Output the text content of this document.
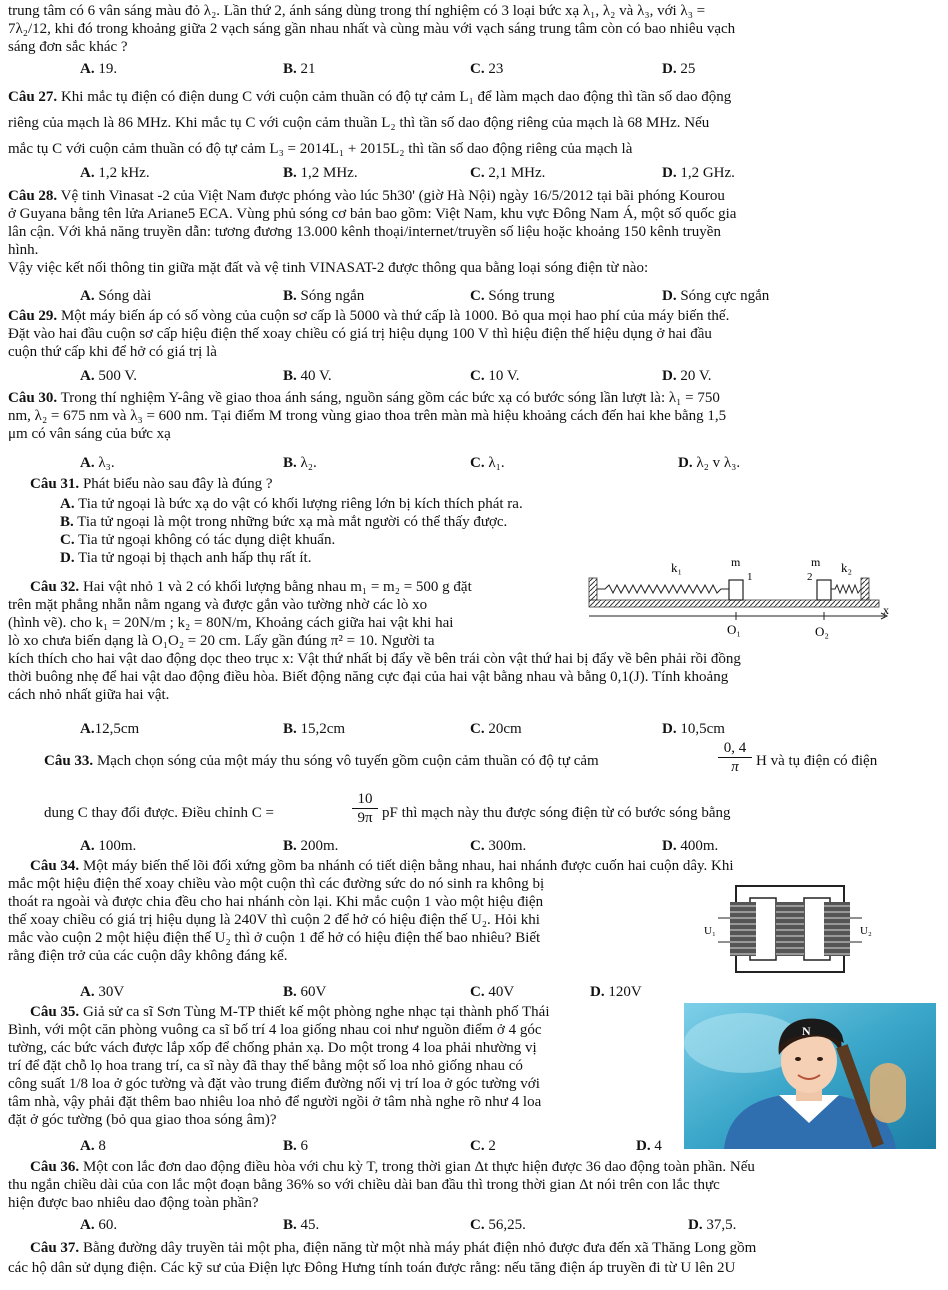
trung tâm có 6 vân sáng màu đỏ λ₂. Lần thứ 2, ánh sáng dùng trong thí nghiệm có 3 loại bức xạ λ₁, λ₂ và λ₃, với λ₃ =

7λ₂/12, khi đó trong khoảng giữa 2 vạch sáng gần nhau nhất và cùng màu với vạch sáng trung tâm còn có bao nhiêu vạch

sáng đơn sắc khác ?

A. 19.	B. 21	C. 23	D. 25

Câu 27. Khi mắc tụ điện có điện dung C với cuộn cảm thuần có độ tự cảm L₁ để làm mạch dao động thì tần số dao động

riêng của mạch là 86 MHz. Khi mắc tụ C với cuộn cảm thuần L₂ thì tần số dao động riêng của mạch là 68 MHz. Nếu

mắc tụ C với cuộn cảm thuần có độ tự cảm L₃ = 2014L₁ + 2015L₂ thì tần số dao động riêng của mạch là

A. 1,2 kHz.	B. 1,2 MHz.	C. 2,1 MHz.	D. 1,2 GHz.

Câu 28. Vệ tinh Vinasat -2 của Việt Nam được phóng vào lúc 5h30' (giờ Hà Nội) ngày 16/5/2012 tại bãi phóng Kourou

ở Guyana bằng tên lửa Ariane5 ECA. Vùng phủ sóng cơ bản bao gồm: Việt Nam, khu vực Đông Nam Á, một số quốc gia

lân cận. Với khả năng truyền dẫn: tương đương 13.000 kênh thoại/internet/truyền số liệu hoặc khoảng 150 kênh truyền

hình.

Vậy việc kết nối thông tin giữa mặt đất và vệ tinh VINASAT-2 được thông qua bằng loại sóng điện từ nào:

A. Sóng dài	B. Sóng ngắn	C. Sóng trung	D. Sóng cực ngắn

Câu 29. Một máy biến áp có số vòng của cuộn sơ cấp là 5000 và thứ cấp là 1000. Bỏ qua mọi hao phí của máy biến thế.

Đặt vào hai đầu cuộn sơ cấp hiệu điện thế xoay chiều có giá trị hiệu dụng 100 V thì hiệu điện thế hiệu dụng ở hai đầu

cuộn thứ cấp khi để hở có giá trị là

A. 500 V.	B. 40 V.	C. 10 V.	D. 20 V.

Câu 30. Trong thí nghiệm Y-âng về giao thoa ánh sáng, nguồn sáng gồm các bức xạ có bước sóng lần lượt là: λ₁ = 750

nm, λ₂ = 675 nm và λ₃ = 600 nm. Tại điểm M trong vùng giao thoa trên màn mà hiệu khoảng cách đến hai khe bằng 1,5

μm có vân sáng của bức xạ

A. λ₃.	B. λ₂.	C. λ₁.	D. λ₂ v λ₃.

Câu 31. Phát biểu nào sau đây là đúng ?

A. Tia tử ngoại là bức xạ do vật có khối lượng riêng lớn bị kích thích phát ra.

B. Tia tử ngoại là một trong những bức xạ mà mắt người có thể thấy được.

C. Tia tử ngoại không có tác dụng diệt khuẩn.

D. Tia tử ngoại bị thạch anh hấp thụ rất ít.

Câu 32. Hai vật nhỏ 1 và 2 có khối lượng bằng nhau m₁ = m₂ = 500 g đặt

trên mặt phẳng nhẵn nằm ngang và được gắn vào tường nhờ các lò xo

(hình vẽ). cho k₁ = 20N/m ; k₂ = 80N/m, Khoảng cách giữa hai vật khi hai

lò xo chưa biến dạng là O₁O₂ = 20 cm. Lấy gần đúng π² = 10. Người ta

kích thích cho hai vật dao động dọc theo trục x: Vật thứ nhất bị đẩy về bên trái còn vật thứ hai bị đẩy về bên phải rồi đồng

thời buông nhẹ để hai vật dao động điều hòa. Biết động năng cực đại của hai vật bằng nhau và bằng 0,1(J). Tính khoảng

cách nhỏ nhất giữa hai vật.

k₁	m
1
m
2
k₂
O₁	O₂
x
A.12,5cm	B. 15,2cm	C. 20cm	D. 10,5cm
Câu 33. Mạch chọn sóng của một máy thu sóng vô tuyến gồm cuộn cảm thuần có độ tự cảm	$\frac{0, 4}{\pi}$ H và tụ điện có điện
dung C thay đổi được. Điều chỉnh C =	$\frac{10}{9\pi}$ pF thì mạch này thu được sóng điện từ có bước sóng bằng
A. 100m.	B. 200m.	C. 300m.	D. 400m.

Câu 34. Một máy biến thế lõi đối xứng gồm ba nhánh có tiết diện bằng nhau, hai nhánh được cuốn hai cuộn dây. Khi

mắc một hiệu điện thế xoay chiều vào một cuộn thì các đường sức do nó sinh ra không bị

thoát ra ngoài và được chia đều cho hai nhánh còn lại. Khi mắc cuộn 1 vào một hiệu điện

thế xoay chiều có giá trị hiệu dụng là 240V thì cuộn 2 để hở có hiệu điện thế U₂. Hỏi khi

mắc vào cuộn 2 một hiệu điện thế U₂ thì ở cuộn 1 để hở có hiệu điện thế bao nhiêu? Biết

rằng điện trở của các cuộn dây không đáng kể.

U₁	U₂
A. 30V	B. 60V	C. 40V	D. 120V

Câu 35. Giả sử ca sĩ Sơn Tùng M-TP thiết kế một phòng nghe nhạc tại thành phố Thái

Bình, với một căn phòng vuông ca sĩ bố trí 4 loa giống nhau coi như nguồn điểm ở 4 góc

tường, các bức vách được lắp xốp để chống phản xạ. Do một trong 4 loa phải nhường vị

trí để đặt chỗ lọ hoa trang trí, ca sĩ này đã thay thế bằng một số loa nhỏ giống nhau có

công suất 1/8 loa ở góc tường và đặt vào trung điểm đường nối vị trí loa ở góc tường với

tâm nhà, vậy phải đặt thêm bao nhiêu loa nhỏ để người ngồi ở tâm nhà nghe rõ như 4 loa

đặt ở góc tường (bỏ qua giao thoa sóng âm)?

N
A. 8	B. 6	C. 2	D. 4

Câu 36. Một con lắc đơn dao động điều hòa với chu kỳ T, trong thời gian Δt thực hiện được 36 dao động toàn phần. Nếu

thu ngắn chiều dài của con lắc một đoạn bằng 36% so với chiều dài ban đầu thì trong thời gian Δt nói trên con lắc thực

hiện được bao nhiêu dao động toàn phần?

A. 60.	B. 45.	C. 56,25.	D. 37,5.

Câu 37. Bằng đường dây truyền tải một pha, điện năng từ một nhà máy phát điện nhỏ được đưa đến xã Thăng Long gồm

các hộ dân sử dụng điện. Các kỹ sư của Điện lực Đông Hưng tính toán được rằng: nếu tăng điện áp truyền đi từ U lên 2U
